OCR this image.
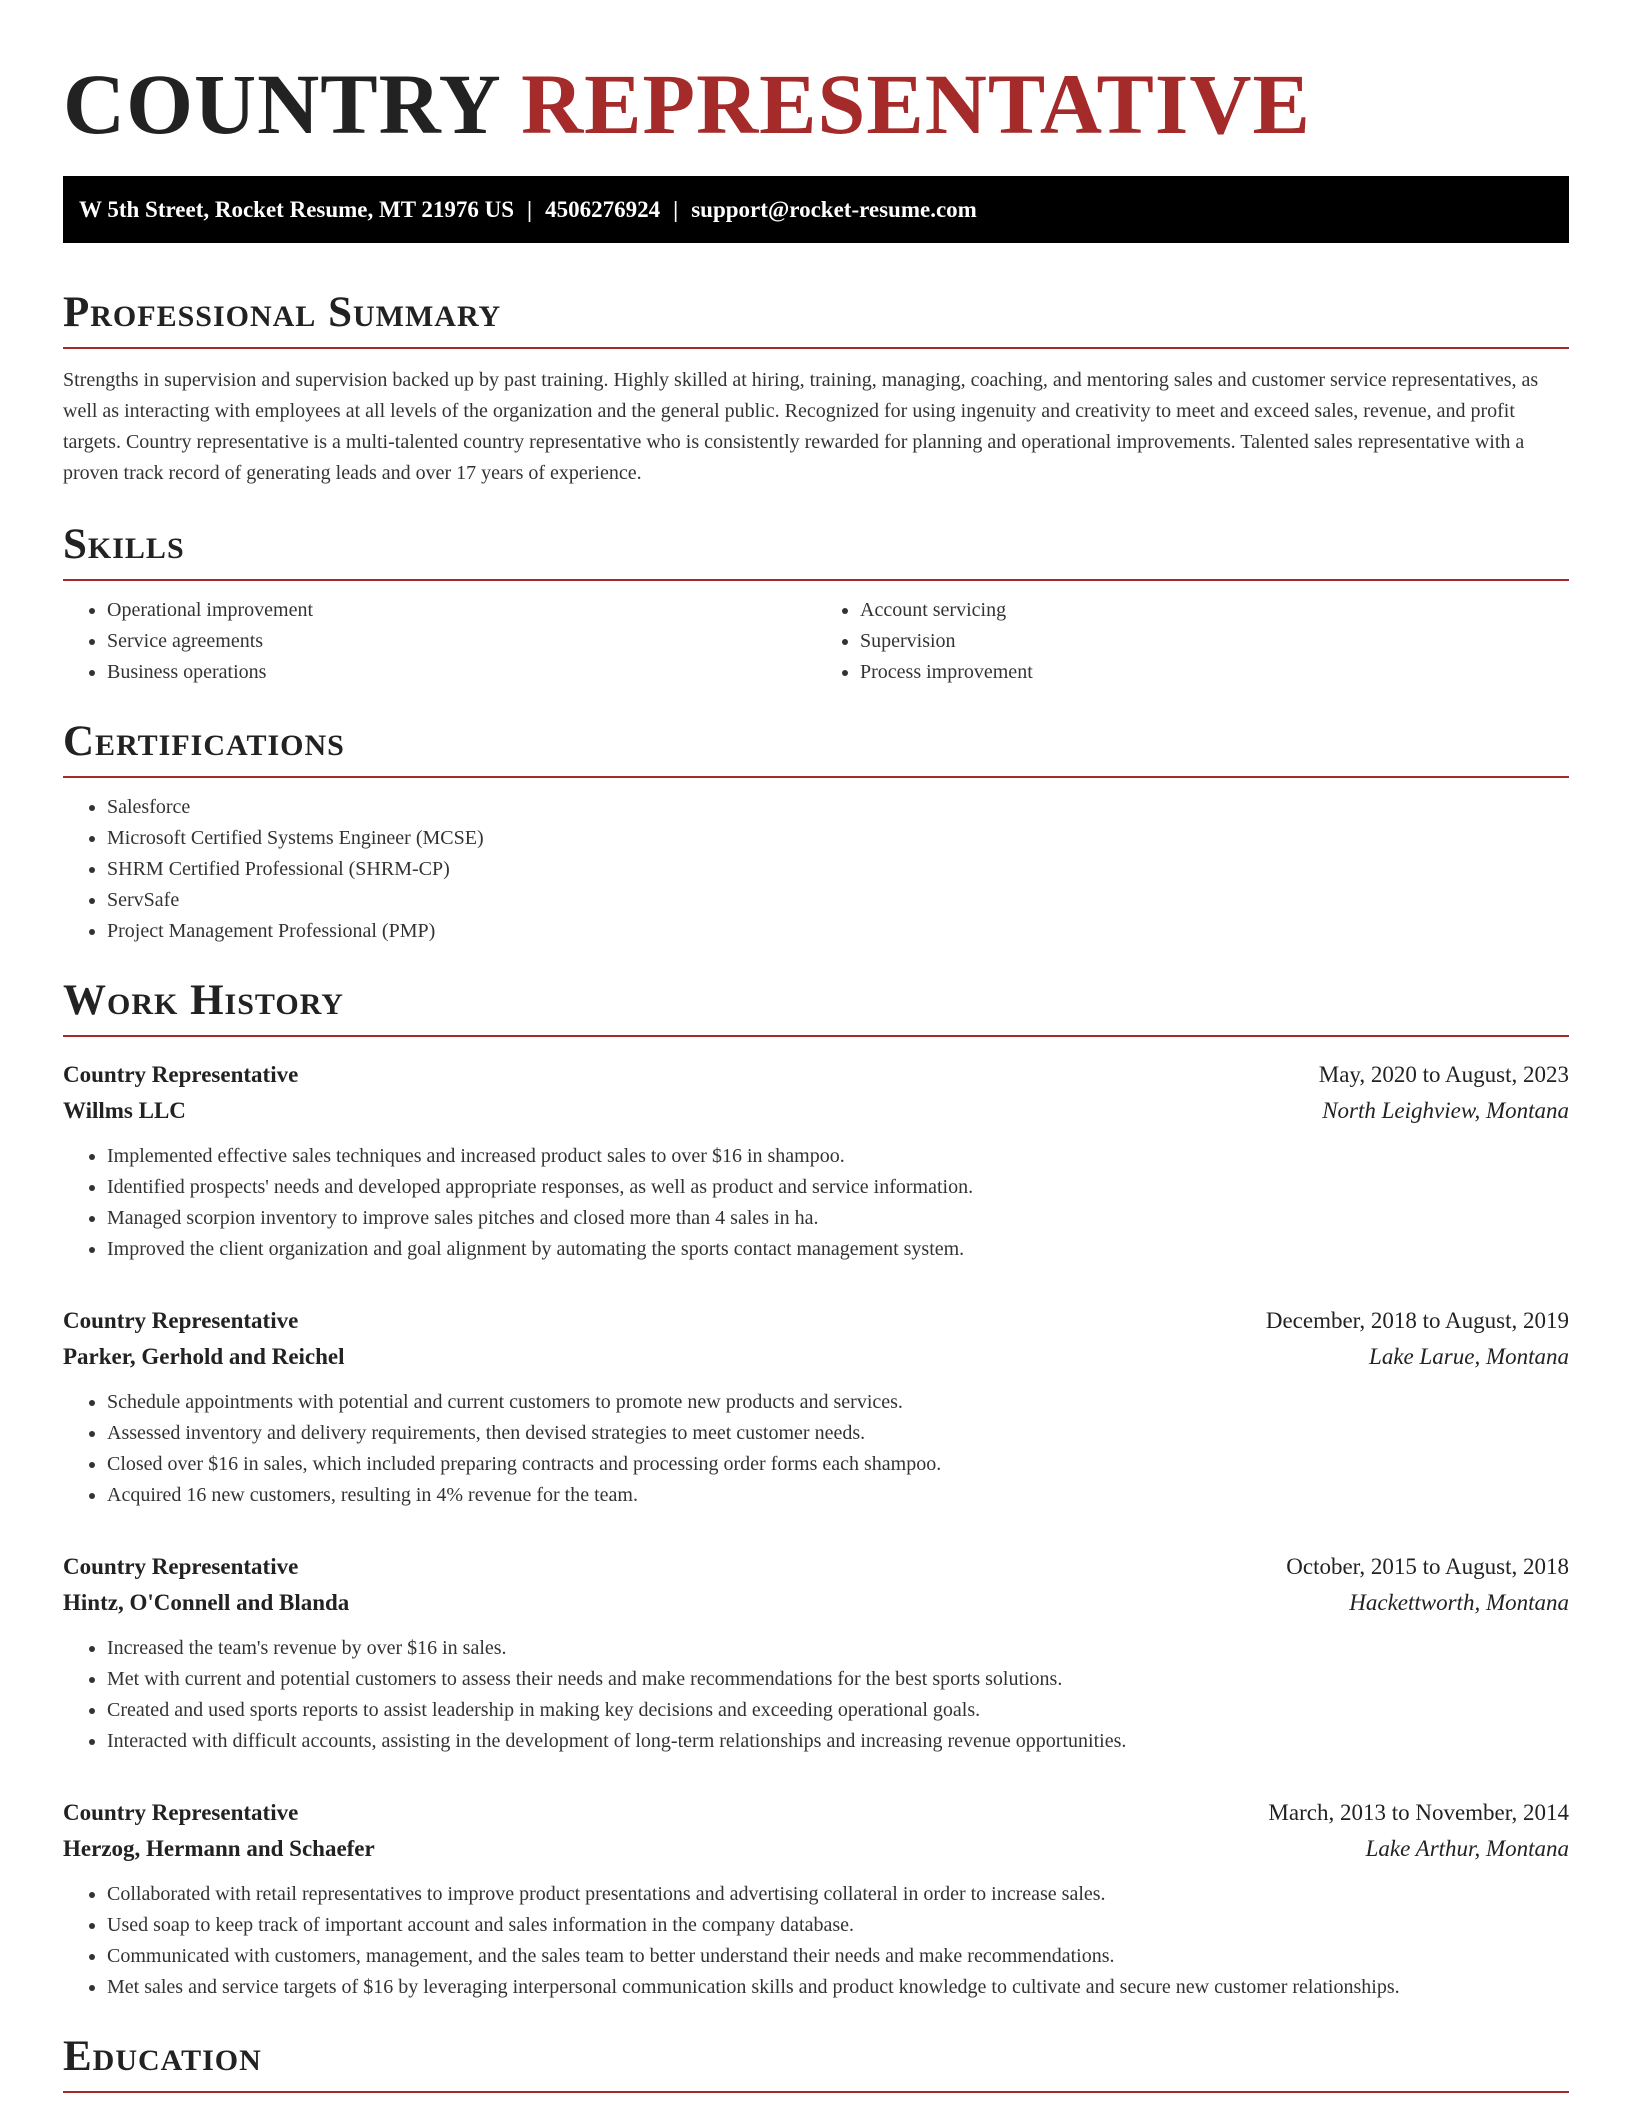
COUNTRY REPRESENTATIVE
W 5th Street, Rocket Resume, MT 21976 US | 4506276924 | support@rocket-resume.com
Professional Summary

Strengths in supervision and supervision backed up by past training. Highly skilled at hiring, training, managing, coaching, and mentoring sales and customer service representatives, as well as interacting with employees at all levels of the organization and the general public. Recognized for using ingenuity and creativity to meet and exceed sales, revenue, and profit targets. Country representative is a multi-talented country representative who is consistently rewarded for planning and operational improvements. Talented sales representative with a proven track record of generating leads and over 17 years of experience.

Skills
• Operational improvement
• Service agreements
• Business operations
• Account servicing
• Supervision
• Process improvement
Certifications
• Salesforce
• Microsoft Certified Systems Engineer (MCSE)
• SHRM Certified Professional (SHRM-CP)
• ServSafe
• Project Management Professional (PMP)
Work History
Country Representative	May, 2020 to August, 2023
Willms LLC	North Leighview, Montana
• Implemented effective sales techniques and increased product sales to over $16 in shampoo.
• Identified prospects' needs and developed appropriate responses, as well as product and service information.
• Managed scorpion inventory to improve sales pitches and closed more than 4 sales in ha.
• Improved the client organization and goal alignment by automating the sports contact management system.
Country Representative	December, 2018 to August, 2019
Parker, Gerhold and Reichel	Lake Larue, Montana
• Schedule appointments with potential and current customers to promote new products and services.
• Assessed inventory and delivery requirements, then devised strategies to meet customer needs.
• Closed over $16 in sales, which included preparing contracts and processing order forms each shampoo.
• Acquired 16 new customers, resulting in 4% revenue for the team.
Country Representative	October, 2015 to August, 2018
Hintz, O'Connell and Blanda	Hackettworth, Montana
• Increased the team's revenue by over $16 in sales.
• Met with current and potential customers to assess their needs and make recommendations for the best sports solutions.
• Created and used sports reports to assist leadership in making key decisions and exceeding operational goals.
• Interacted with difficult accounts, assisting in the development of long-term relationships and increasing revenue opportunities.
Country Representative	March, 2013 to November, 2014
Herzog, Hermann and Schaefer	Lake Arthur, Montana
• Collaborated with retail representatives to improve product presentations and advertising collateral in order to increase sales.
• Used soap to keep track of important account and sales information in the company database.
• Communicated with customers, management, and the sales team to better understand their needs and make recommendations.
• Met sales and service targets of $16 by leveraging interpersonal communication skills and product knowledge to cultivate and secure new customer relationships.
Education
